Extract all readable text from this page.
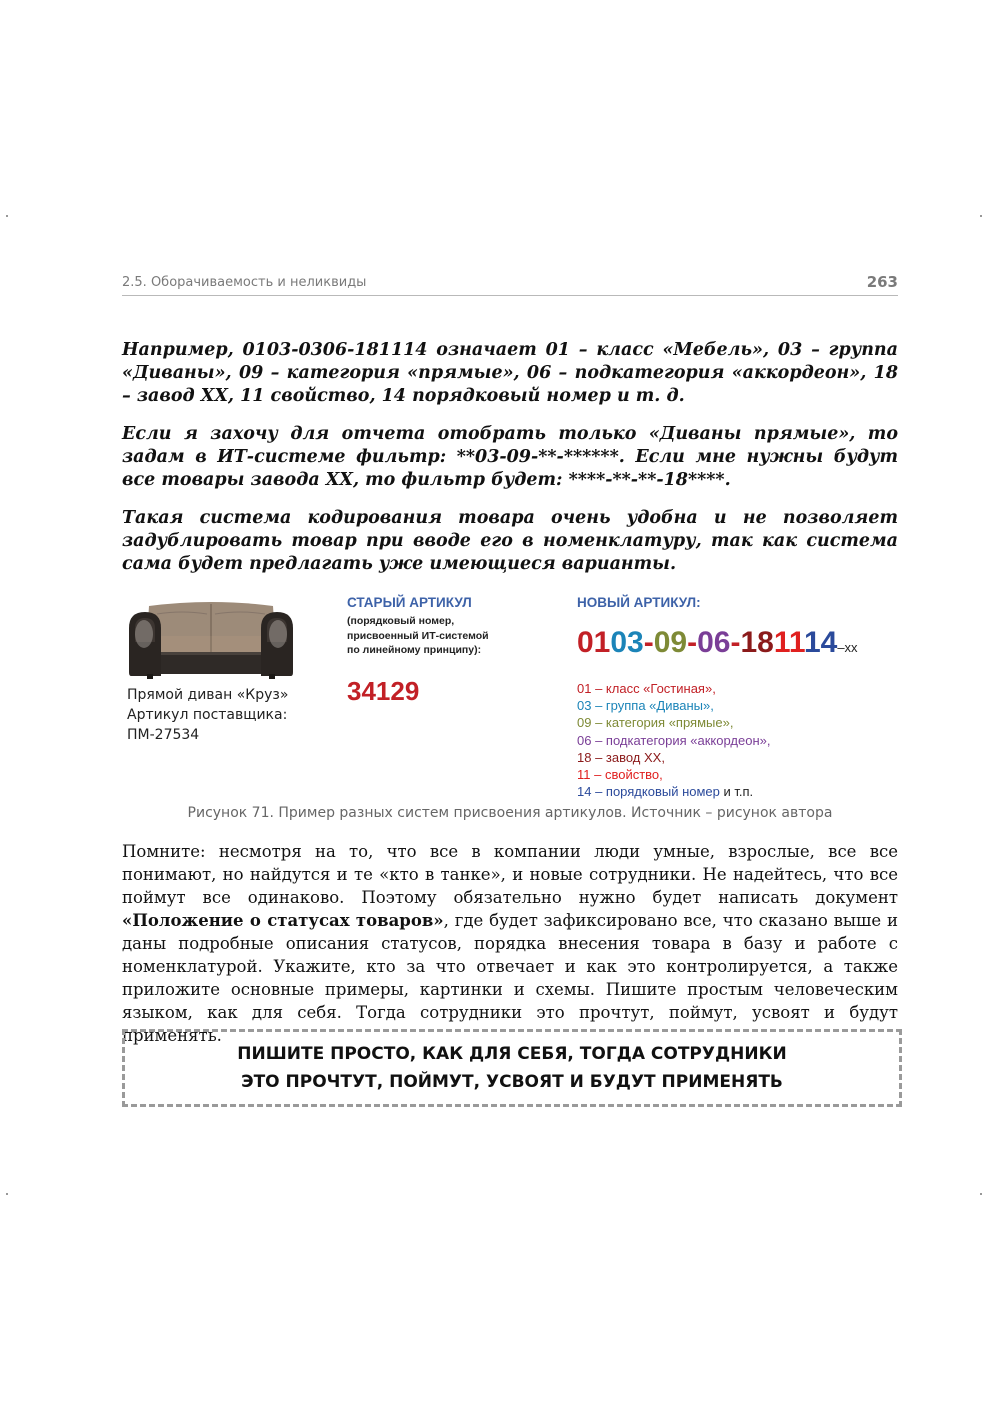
2.5. Оборачиваемость и неликвиды	263

Например, 0103-0306-181114 означает 01 – класс «Мебель», 03 – группа «Диваны», 09 – категория «прямые», 06 – подкатегория «аккордеон», 18 – завод XX, 11 свойство, 14 порядковый номер и т. д.

Если я захочу для отчета отобрать только «Диваны прямые», то задам в ИТ-системе фильтр: **03-09-**-******. Если мне нужны будут все товары завода XX, то фильтр будет: ****-**-**-18****.

Такая система кодирования товара очень удобна и не позволяет задублировать товар при вводе его в номенклатуру, так как система сама будет предлагать уже имеющиеся варианты.

Прямой диван «Круз»
Артикул поставщика:
ПМ-27534
СТАРЫЙ АРТИКУЛ
(порядковый номер,
присвоенный ИТ-системой
по линейному принципу):
34129
НОВЫЙ АРТИКУЛ:
0103-09-06-181114–xx
01 – класс «Гостиная»,
03 – группа «Диваны»,
09 – категория «прямые»,
06 – подкатегория «аккордеон»,
18 – завод XX,
11 – свойство,
14 – порядковый номер и т.п.
Рисунок 71. Пример разных систем присвоения артикулов. Источник – рисунок автора

Помните: несмотря на то, что все в компании люди умные, взрослые, все все понимают, но найдутся и те «кто в танке», и новые сотрудники. Не надейтесь, что все поймут все одинаково. Поэтому обязательно нужно будет написать документ «Положение о статусах товаров», где будет зафиксировано все, что сказано выше и даны подробные описания статусов, порядка внесения товара в базу и работе с номенклатурой. Укажите, кто за что отвечает и как это контролируется, а также приложите основные примеры, картинки и схемы. Пишите простым человеческим языком, как для себя. Тогда сотрудники это прочтут, поймут, усвоят и будут применять.

ПИШИТЕ ПРОСТО, КАК ДЛЯ СЕБЯ, ТОГДА СОТРУДНИКИ
ЭТО ПРОЧТУТ, ПОЙМУТ, УСВОЯТ И БУДУТ ПРИМЕНЯТЬ
